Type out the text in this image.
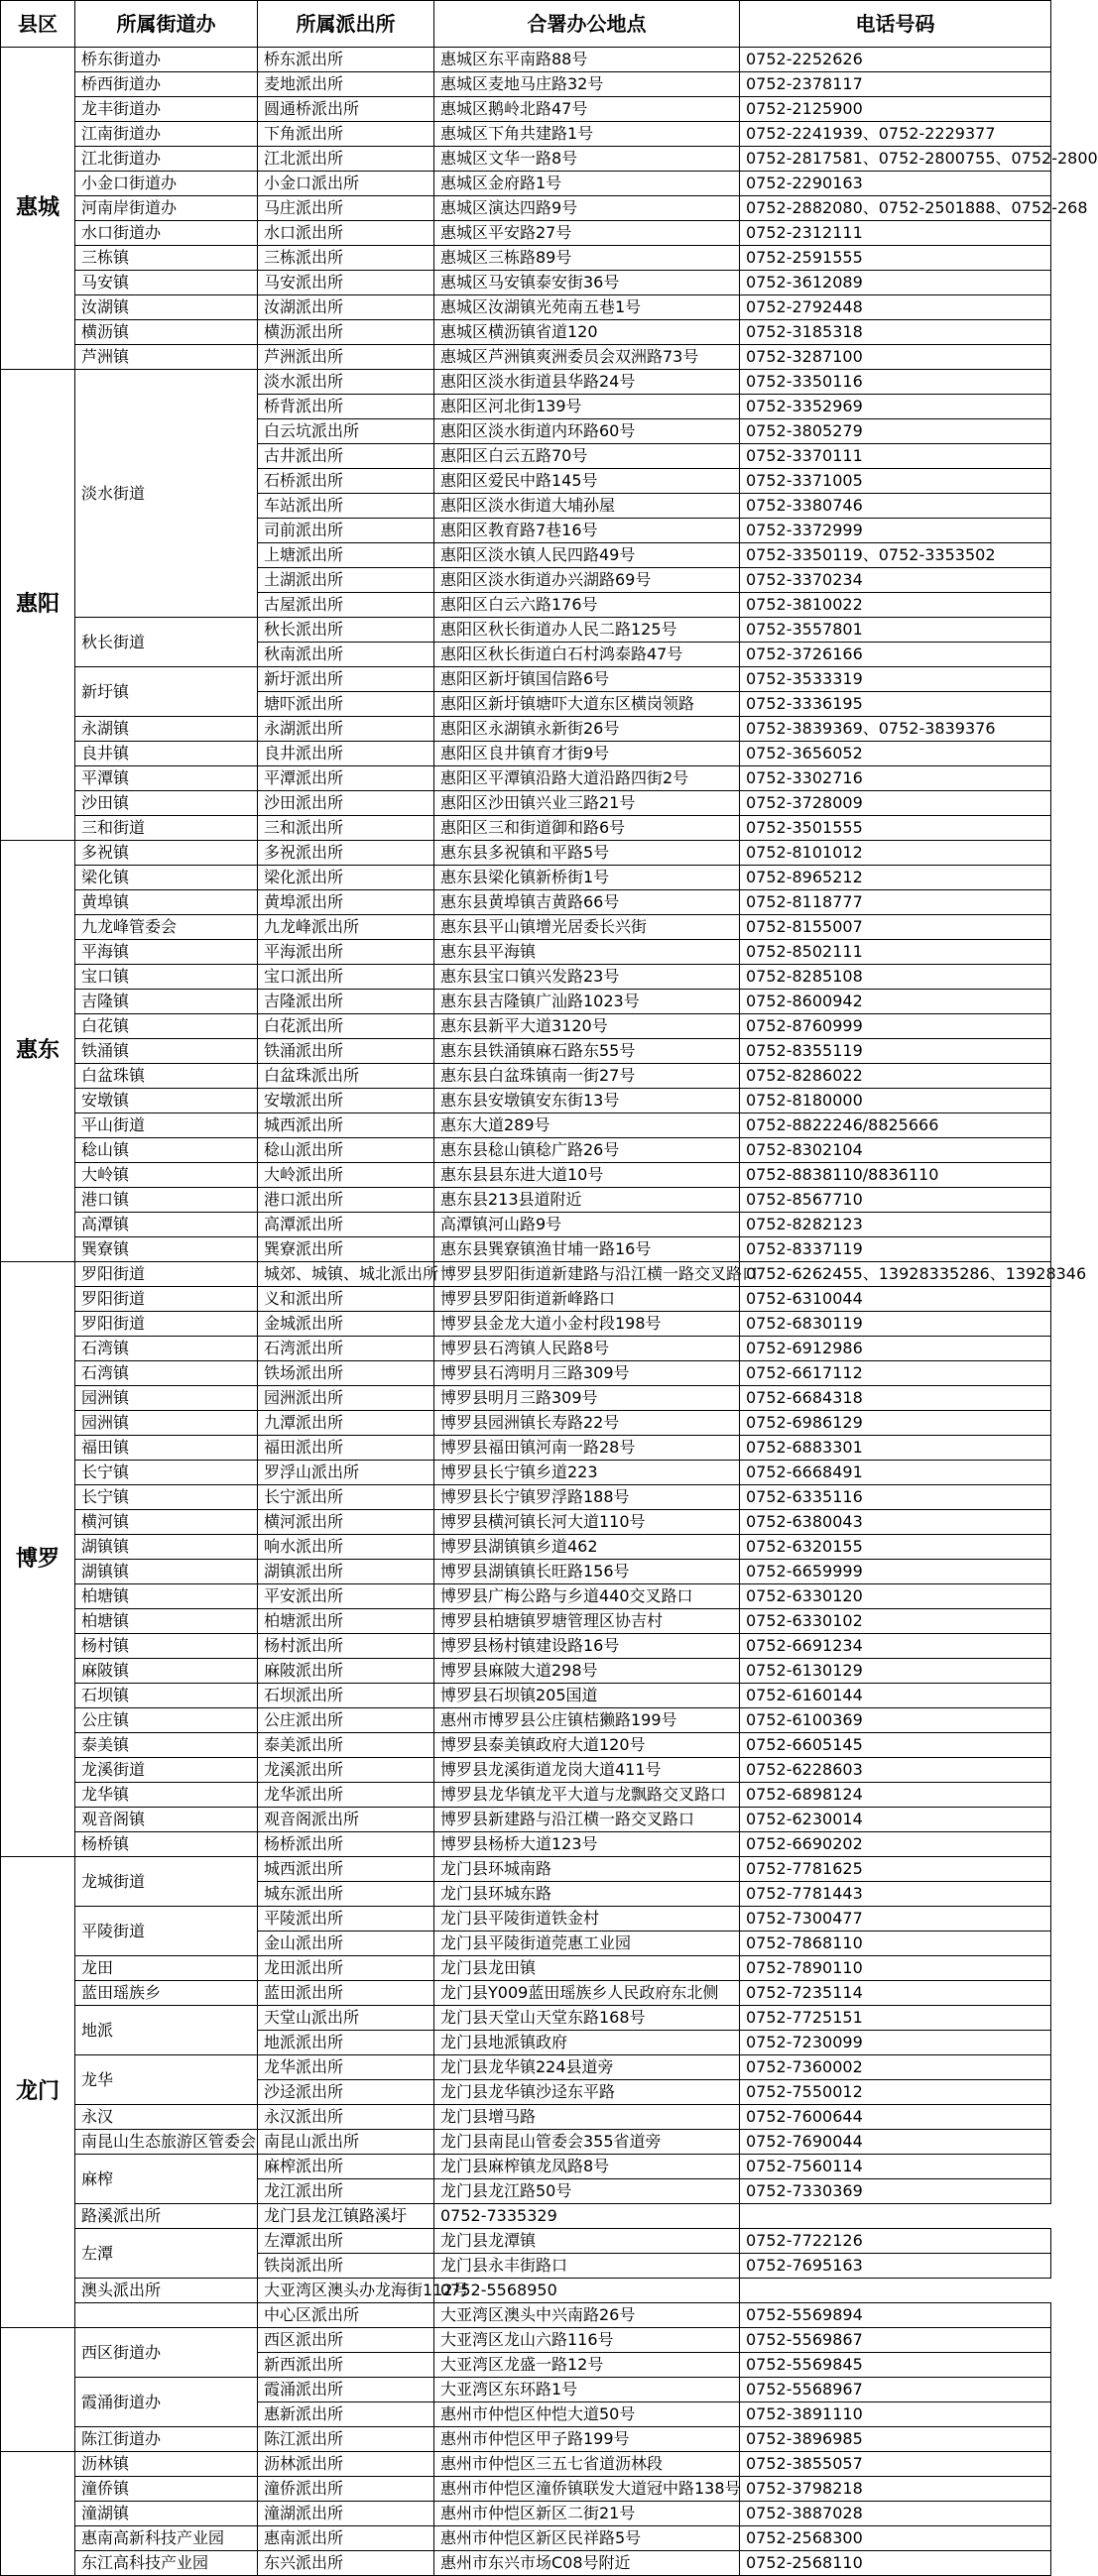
县区	所属街道办	所属派出所	合署办公地点	电话号码
惠城	桥东街道办	桥东派出所	惠城区东平南路88号	0752-2252626
	桥西街道办	麦地派出所	惠城区麦地马庄路32号	0752-2378117
	龙丰街道办	圆通桥派出所	惠城区鹅岭北路47号	0752-2125900
	江南街道办	下角派出所	惠城区下角共建路1号	0752-2241939、0752-2229377
	江北街道办	江北派出所	惠城区文华一路8号	0752-2817581、0752-2800755、0752-2800
	小金口街道办	小金口派出所	惠城区金府路1号	0752-2290163
	河南岸街道办	马庄派出所	惠城区演达四路9号	0752-2882080、0752-2501888、0752-268
	水口街道办	水口派出所	惠城区平安路27号	0752-2312111
	三栋镇	三栋派出所	惠城区三栋路89号	0752-2591555
	马安镇	马安派出所	惠城区马安镇泰安街36号	0752-3612089
	汝湖镇	汝湖派出所	惠城区汝湖镇光苑南五巷1号	0752-2792448
	横沥镇	横沥派出所	惠城区横沥镇省道120	0752-3185318
	芦洲镇	芦洲派出所	惠城区芦洲镇爽洲委员会双洲路73号	0752-3287100
惠阳	淡水街道	淡水派出所	惠阳区淡水街道县华路24号	0752-3350116
		桥背派出所	惠阳区河北街139号	0752-3352969
		白云坑派出所	惠阳区淡水街道内环路60号	0752-3805279
		古井派出所	惠阳区白云五路70号	0752-3370111
		石桥派出所	惠阳区爱民中路145号	0752-3371005
		车站派出所	惠阳区淡水街道大埔孙屋	0752-3380746
		司前派出所	惠阳区教育路7巷16号	0752-3372999
		上塘派出所	惠阳区淡水镇人民四路49号	0752-3350119、0752-3353502
		土湖派出所	惠阳区淡水街道办兴湖路69号	0752-3370234
		古屋派出所	惠阳区白云六路176号	0752-3810022
	秋长街道	秋长派出所	惠阳区秋长街道办人民二路125号	0752-3557801
		秋南派出所	惠阳区秋长街道白石村鸿泰路47号	0752-3726166
	新圩镇	新圩派出所	惠阳区新圩镇国信路6号	0752-3533319
		塘吓派出所	惠阳区新圩镇塘吓大道东区横岗领路	0752-3336195
	永湖镇	永湖派出所	惠阳区永湖镇永新街26号	0752-3839369、0752-3839376
	良井镇	良井派出所	惠阳区良井镇育才街9号	0752-3656052
	平潭镇	平潭派出所	惠阳区平潭镇沿路大道沿路四街2号	0752-3302716
	沙田镇	沙田派出所	惠阳区沙田镇兴业三路21号	0752-3728009
	三和街道	三和派出所	惠阳区三和街道御和路6号	0752-3501555
惠东	多祝镇	多祝派出所	惠东县多祝镇和平路5号	0752-8101012
	梁化镇	梁化派出所	惠东县梁化镇新桥街1号	0752-8965212
	黄埠镇	黄埠派出所	惠东县黄埠镇吉黄路66号	0752-8118777
	九龙峰管委会	九龙峰派出所	惠东县平山镇增光居委长兴街	0752-8155007
	平海镇	平海派出所	惠东县平海镇	0752-8502111
	宝口镇	宝口派出所	惠东县宝口镇兴发路23号	0752-8285108
	吉隆镇	吉隆派出所	惠东县吉隆镇广汕路1023号	0752-8600942
	白花镇	白花派出所	惠东县新平大道3120号	0752-8760999
	铁涌镇	铁涌派出所	惠东县铁涌镇麻石路东55号	0752-8355119
	白盆珠镇	白盆珠派出所	惠东县白盆珠镇南一街27号	0752-8286022
	安墩镇	安墩派出所	惠东县安墩镇安东街13号	0752-8180000
	平山街道	城西派出所	惠东大道289号	0752-8822246/8825666
	稔山镇	稔山派出所	惠东县稔山镇稔广路26号	0752-8302104
	大岭镇	大岭派出所	惠东县县东进大道10号	0752-8838110/8836110
	港口镇	港口派出所	惠东县213县道附近	0752-8567710
	高潭镇	高潭派出所	高潭镇河山路9号	0752-8282123
	巽寮镇	巽寮派出所	惠东县巽寮镇渔甘埔一路16号	0752-8337119
博罗	罗阳街道	城郊、城镇、城北派出所	博罗县罗阳街道新建路与沿江横一路交叉路口	0752-6262455、13928335286、13928346
	罗阳街道	义和派出所	博罗县罗阳街道新峰路口	0752-6310044
	罗阳街道	金城派出所	博罗县金龙大道小金村段198号	0752-6830119
	石湾镇	石湾派出所	博罗县石湾镇人民路8号	0752-6912986
	石湾镇	铁场派出所	博罗县石湾明月三路309号	0752-6617112
	园洲镇	园洲派出所	博罗县明月三路309号	0752-6684318
	园洲镇	九潭派出所	博罗县园洲镇长寿路22号	0752-6986129
	福田镇	福田派出所	博罗县福田镇河南一路28号	0752-6883301
	长宁镇	罗浮山派出所	博罗县长宁镇乡道223	0752-6668491
	长宁镇	长宁派出所	博罗县长宁镇罗浮路188号	0752-6335116
	横河镇	横河派出所	博罗县横河镇长河大道110号	0752-6380043
	湖镇镇	响水派出所	博罗县湖镇镇乡道462	0752-6320155
	湖镇镇	湖镇派出所	博罗县湖镇镇长旺路156号	0752-6659999
	柏塘镇	平安派出所	博罗县广梅公路与乡道440交叉路口	0752-6330120
	柏塘镇	柏塘派出所	博罗县柏塘镇罗塘管理区协吉村	0752-6330102
	杨村镇	杨村派出所	博罗县杨村镇建设路16号	0752-6691234
	麻陂镇	麻陂派出所	博罗县麻陂大道298号	0752-6130129
	石坝镇	石坝派出所	博罗县石坝镇205国道	0752-6160144
	公庄镇	公庄派出所	惠州市博罗县公庄镇桔獭路199号	0752-6100369
	泰美镇	泰美派出所	博罗县泰美镇政府大道120号	0752-6605145
	龙溪街道	龙溪派出所	博罗县龙溪街道龙岗大道411号	0752-6228603
	龙华镇	龙华派出所	博罗县龙华镇龙平大道与龙飘路交叉路口	0752-6898124
	观音阁镇	观音阁派出所	博罗县新建路与沿江横一路交叉路口	0752-6230014
	杨桥镇	杨桥派出所	博罗县杨桥大道123号	0752-6690202
龙门	龙城街道	城西派出所	龙门县环城南路	0752-7781625
		城东派出所	龙门县环城东路	0752-7781443
	平陵街道	平陵派出所	龙门县平陵街道铁金村	0752-7300477
		金山派出所	龙门县平陵街道莞惠工业园	0752-7868110
	龙田	龙田派出所	龙门县龙田镇	0752-7890110
	蓝田瑶族乡	蓝田派出所	龙门县Y009蓝田瑶族乡人民政府东北侧	0752-7235114
	地派	天堂山派出所	龙门县天堂山天堂东路168号	0752-7725151
		地派派出所	龙门县地派镇政府	0752-7230099
	龙华	龙华派出所	龙门县龙华镇224县道旁	0752-7360002
		沙迳派出所	龙门县龙华镇沙迳东平路	0752-7550012
	永汉	永汉派出所	龙门县增马路	0752-7600644
	南昆山生态旅游区管委会	南昆山派出所	龙门县南昆山管委会355省道旁	0752-7690044
	麻榨	麻榨派出所	龙门县麻榨镇龙凤路8号	0752-7560114
		龙江派出所	龙门县龙江路50号	0752-7330369
	路溪派出所	龙门县龙江镇路溪圩	0752-7335329	
	左潭	左潭派出所	龙门县龙潭镇	0752-7722126
		铁岗派出所	龙门县永丰街路口	0752-7695163
	澳头派出所	大亚湾区澳头办龙海街112号	0752-5568950	
		中心区派出所	大亚湾区澳头中兴南路26号	0752-5569894
	西区街道办	西区派出所	大亚湾区龙山六路116号	0752-5569867
		新西派出所	大亚湾区龙盛一路12号	0752-5569845
	霞涌街道办	霞涌派出所	大亚湾区东环路1号	0752-5568967
		惠新派出所	惠州市仲恺区仲恺大道50号	0752-3891110
	陈江街道办	陈江派出所	惠州市仲恺区甲子路199号	0752-3896985
	沥林镇	沥林派出所	惠州市仲恺区三五七省道沥林段	0752-3855057
	潼侨镇	潼侨派出所	惠州市仲恺区潼侨镇联发大道冠中路138号	0752-3798218
	潼湖镇	潼湖派出所	惠州市仲恺区新区二街21号	0752-3887028
	惠南高新科技产业园	惠南派出所	惠州市仲恺区新区民祥路5号	0752-2568300
	东江高科技产业园	东兴派出所	惠州市东兴市场C08号附近	0752-2568110
